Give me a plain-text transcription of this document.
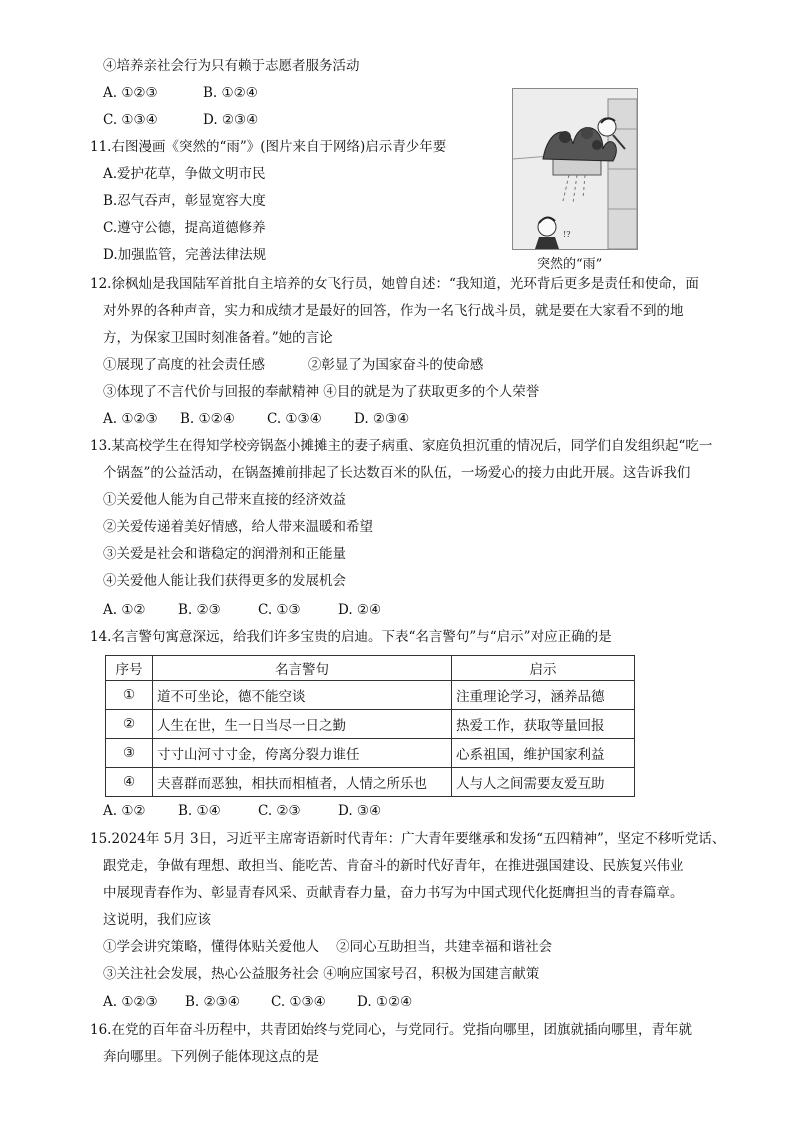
④培养亲社会行为只有赖于志愿者服务活动
A. ①②③	B. ①②④
C. ①③④	D. ②③④
11.右图漫画《突然的“雨”》(图片来自于网络)启示青少年要
A.爱护花草，争做文明市民
B.忍气吞声，彰显宽容大度
C.遵守公德，提高道德修养
D.加强监管，完善法律法规
!?
突然的“雨”
12.徐枫灿是我国陆军首批自主培养的女飞行员，她曾自述：“我知道，光环背后更多是责任和使命，面
对外界的各种声音，实力和成绩才是最好的回答，作为一名飞行战斗员，就是要在大家看不到的地
方，为保家卫国时刻准备着。”她的言论
①展现了高度的社会责任感          ②彰显了为国家奋斗的使命感
③体现了不言代价与回报的奉献精神 ④目的就是为了获取更多的个人荣誉
A. ①②③ B. ①②④ C. ①③④ D. ②③④
13.某高校学生在得知学校旁锅盔小摊摊主的妻子病重、家庭负担沉重的情况后，同学们自发组织起“吃一
个锅盔”的公益活动，在锅盔摊前排起了长达数百米的队伍，一场爱心的接力由此开展。这告诉我们
①关爱他人能为自己带来直接的经济效益
②关爱传递着美好情感，给人带来温暖和希望
③关爱是社会和谐稳定的润滑剂和正能量
④关爱他人能让我们获得更多的发展机会
A. ①② B. ②③	C. ①③	D. ②④
14.名言警句寓意深远，给我们许多宝贵的启迪。下表“名言警句”与“启示”对应正确的是
序号	名言警句	启示
①	道不可坐论，德不能空谈	注重理论学习，涵养品德
②	人生在世，生一日当尽一日之勤	热爱工作，获取等量回报
③	寸寸山河寸寸金，侉离分裂力谁任	心系祖国，维护国家利益
④	夫喜群而恶独，相扶而相植者，人情之所乐也	人与人之间需要友爱互助
A. ①② B. ①④	C. ②③	D. ③④
15.2024年 5月 3日，习近平主席寄语新时代青年：广大青年要继承和发扬“五四精神”，坚定不移听党话、
跟党走，争做有理想、敢担当、能吃苦、肯奋斗的新时代好青年，在推进强国建设、民族复兴伟业
中展现青春作为、彰显青春风采、贡献青春力量，奋力书写为中国式现代化挺膺担当的青春篇章。
这说明，我们应该
①学会讲究策略，懂得体贴关爱他人    ②同心互助担当，共建幸福和谐社会
③关注社会发展，热心公益服务社会 ④响应国家号召，积极为国建言献策
A. ①②③ B. ②③④ C. ①③④ D. ①②④
16.在党的百年奋斗历程中，共青团始终与党同心，与党同行。党指向哪里，团旗就插向哪里，青年就
奔向哪里。下列例子能体现这点的是
